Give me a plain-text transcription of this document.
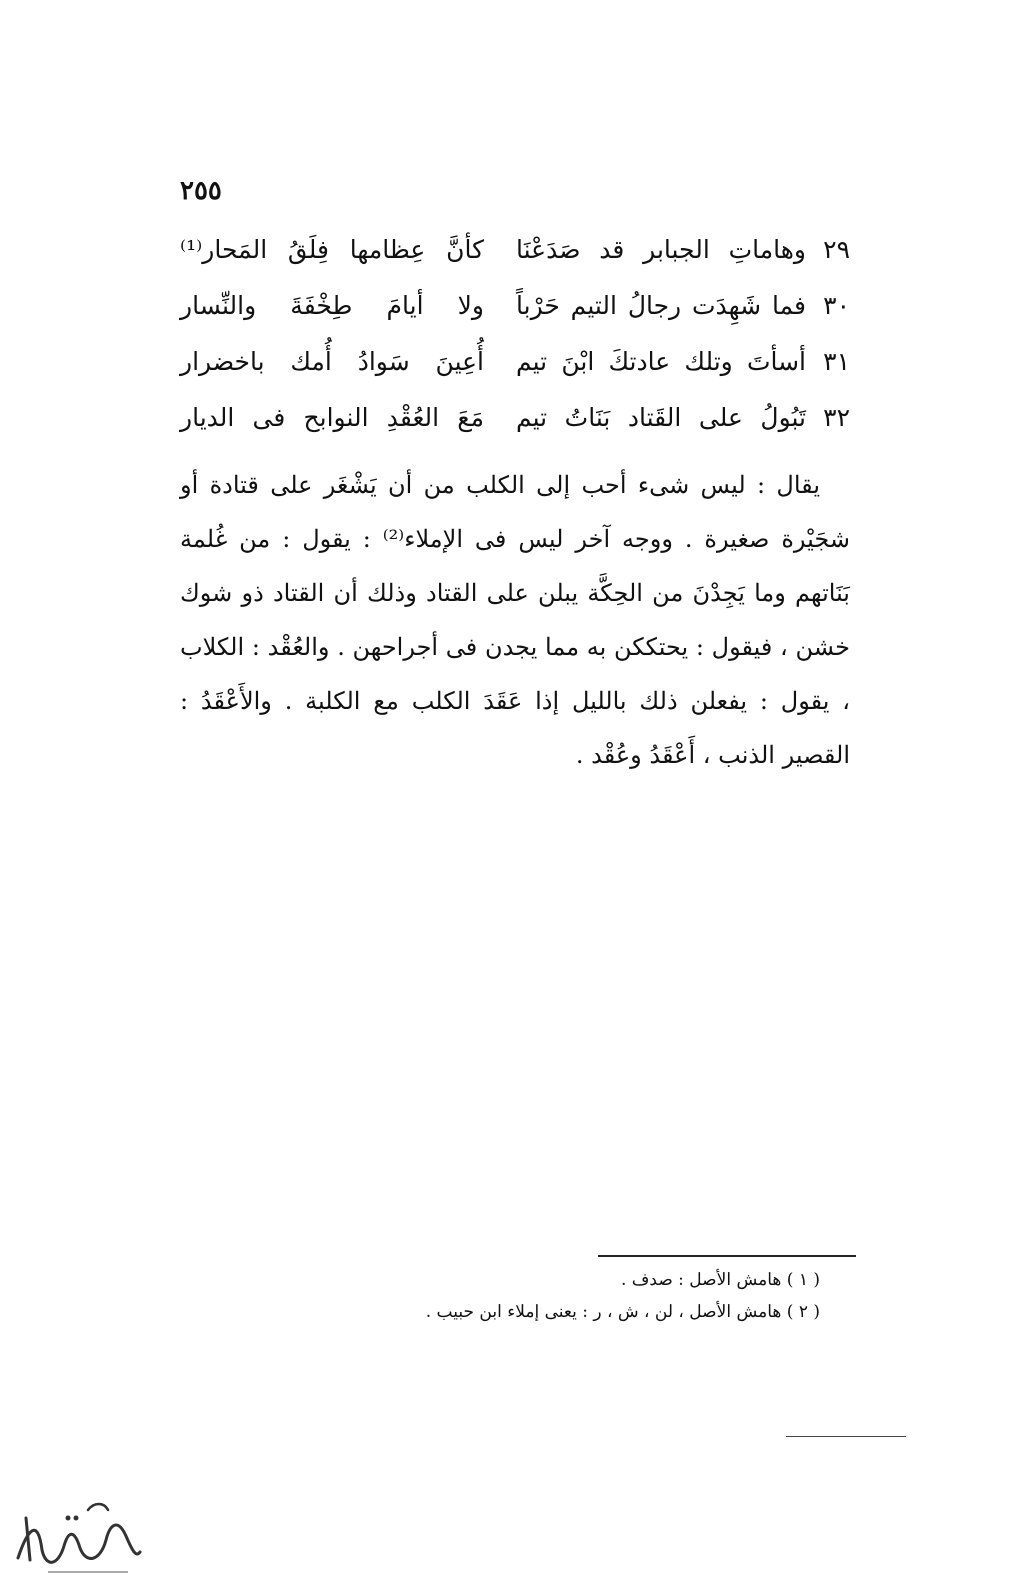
٢٥٥
٢٩
وهاماتِ الجبابر قد صَدَعْنَا
كأنَّ عِظامها فِلَقُ المَحار⁽¹⁾
٣٠
فما شَهِدَت رجالُ التيم حَرْباً
ولا أيامَ طِخْفَةَ والنِّسار
٣١
أسأتَ وتلك عادتكَ ابْنَ تيم
أُعِينَ سَوادُ أُمك باخضرار
٣٢
تَبُولُ على القَتاد بَنَاتُ تيم
مَعَ العُقْدِ النوابح فى الديار

يقال : ليس شىء أحب إلى الكلب من أن يَشْغَر على قتادة أو شجَيْرة صغيرة . ووجه آخر ليس فى الإملاء⁽²⁾ : يقول : من غُلمة بَنَاتهم وما يَجِدْنَ من الحِكَّة يبلن على القتاد وذلك أن القتاد ذو شوك خشن ، فيقول : يحتككن به مما يجدن فى أجراحهن . والعُقْد : الكلاب ، يقول : يفعلن ذلك بالليل إذا عَقَدَ الكلب مع الكلبة . والأَعْقَدُ : القصير الذنب ، أَعْقَدُ وعُقْد .

( ١ ) هامش الأصل : صدف .
( ٢ ) هامش الأصل ، لن ، ش ، ر : يعنى إملاء ابن حبيب .
